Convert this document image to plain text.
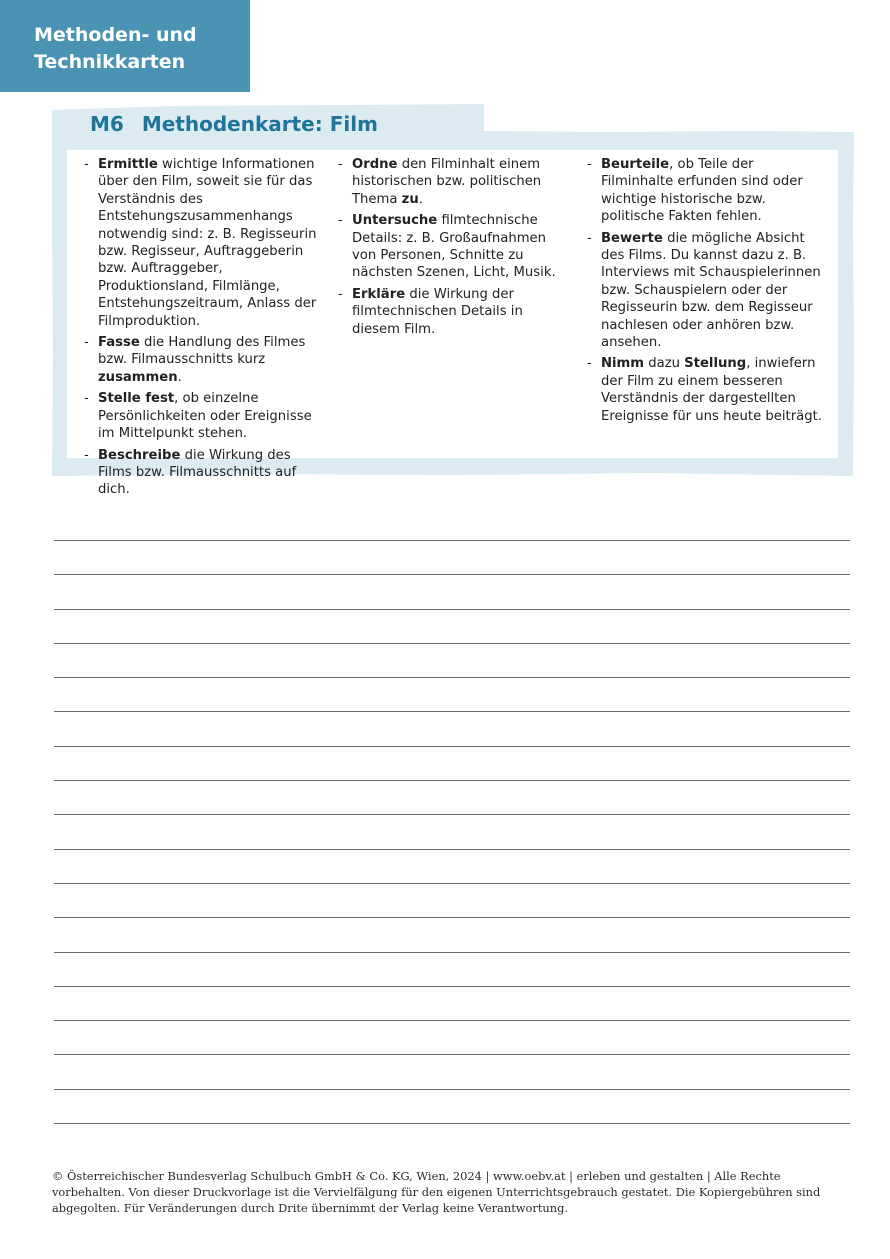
Methoden- und
Technikkarten
M6 Methodenkarte: Film
- Ermittle wichtige Informationen über den Film, soweit sie für das Verständnis des Entstehungszusammenhangs notwendig sind: z. B. Regisseurin bzw. Regisseur, Auftraggeberin bzw. Auftraggeber, Produktionsland, Filmlänge, Entstehungszeitraum, Anlass der Filmproduktion.
- Fasse die Handlung des Filmes bzw. Filmausschnitts kurz zusammen.
- Stelle fest, ob einzelne Persönlichkeiten oder Ereignisse im Mittelpunkt stehen.
- Beschreibe die Wirkung des Films bzw. Filmausschnitts auf dich.
- Ordne den Filminhalt einem historischen bzw. politischen Thema zu.
- Untersuche filmtechnische Details: z. B. Großaufnahmen von Personen, Schnitte zu nächsten Szenen, Licht, Musik.
- Erkläre die Wirkung der filmtechnischen Details in diesem Film.
- Beurteile, ob Teile der Filminhalte erfunden sind oder wichtige historische bzw. politische Fakten fehlen.
- Bewerte die mögliche Absicht des Films. Du kannst dazu z. B. Interviews mit Schauspielerinnen bzw. Schauspielern oder der Regisseurin bzw. dem Regisseur nachlesen oder anhören bzw. ansehen.
- Nimm dazu Stellung, inwiefern der Film zu einem besseren Verständnis der dargestellten Ereignisse für uns heute beiträgt.
© Österreichischer Bundesverlag Schulbuch GmbH & Co. KG, Wien, 2024 | www.oebv.at | erleben und gestalten | Alle Rechte vorbehalten. Von dieser Druckvorlage ist die Vervielfälgung für den eigenen Unterrichtsgebrauch gestatet. Die Kopiergebühren sind abgegolten. Für Veränderungen durch Drite übernimmt der Verlag keine Verantwortung.
